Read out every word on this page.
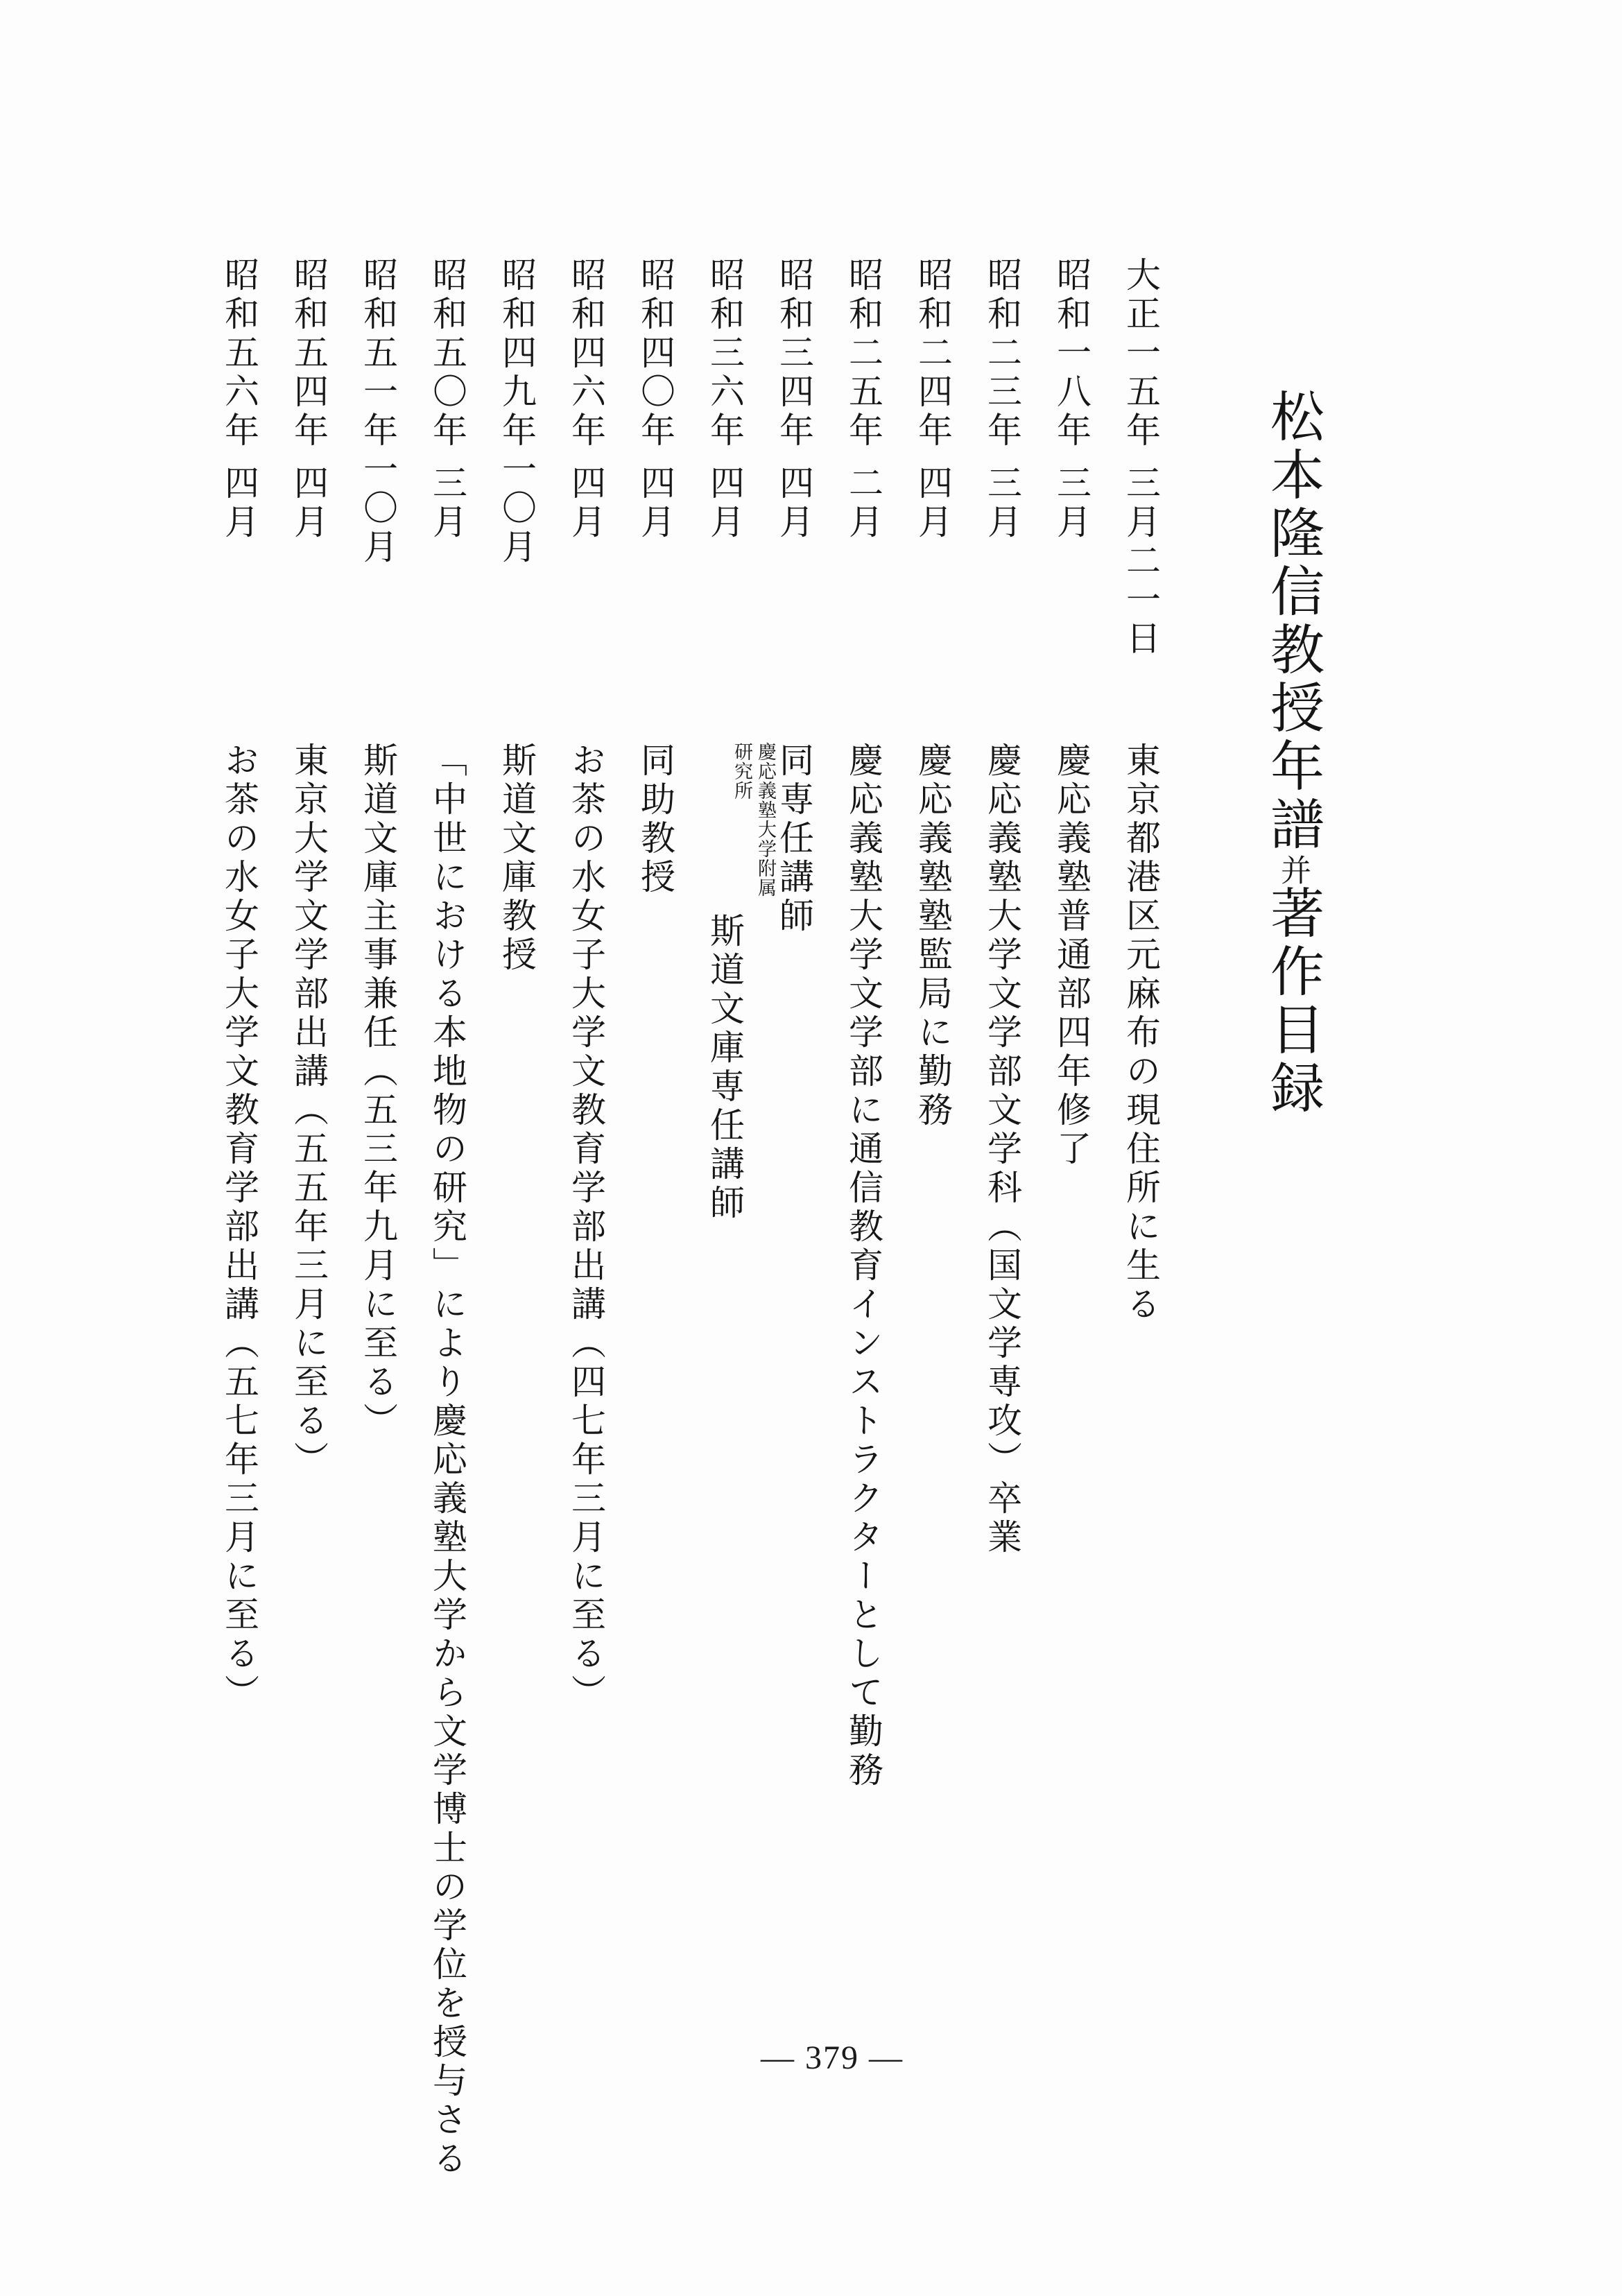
松本隆信教授年譜并著作目録
大正一五年
三月二一日
東京都港区元麻布の現住所に生る
昭和一八年
三月
慶応義塾普通部四年修了
昭和二三年
三月
慶応義塾大学文学部文学科（国文学専攻）卒業
昭和二四年
四月
慶応義塾塾監局に勤務
昭和二五年
二月
慶応義塾大学文学部に通信教育インストラクターとして勤務
昭和三四年
四月
同専任講師
昭和三六年
四月
慶応義塾大学附属研究所
斯道文庫専任講師
昭和四〇年
四月
同助教授
昭和四六年
四月
お茶の水女子大学文教育学部出講（四七年三月に至る）
昭和四九年一〇月
斯道文庫教授
昭和五〇年
三月
「中世における本地物の研究」により慶応義塾大学から文学博士の学位を授与さる
昭和五一年一〇月
斯道文庫主事兼任（五三年九月に至る）
昭和五四年
四月
東京大学文学部出講（五五年三月に至る）
昭和五六年
四月
お茶の水女子大学文教育学部出講（五七年三月に至る）
— 379 —
